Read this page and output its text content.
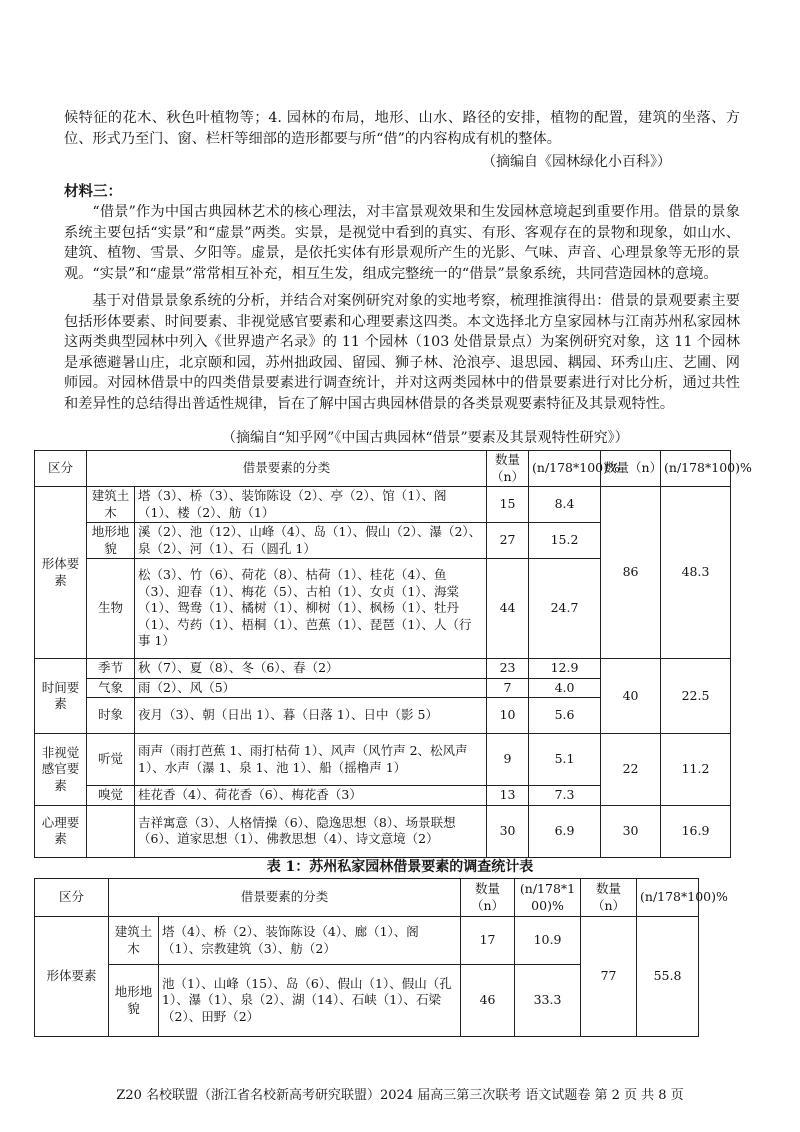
候特征的花木、秋色叶植物等；4. 园林的布局，地形、山水、路径的安排，植物的配置，建筑的坐落、方位、形式乃至门、窗、栏杆等细部的造形都要与所“借”的内容构成有机的整体。

（摘编自《园林绿化小百科》）
材料三：

“借景”作为中国古典园林艺术的核心理法，对丰富景观效果和生发园林意境起到重要作用。借景的景象系统主要包括“实景”和“虚景”两类。实景，是视觉中看到的真实、有形、客观存在的景物和现象，如山水、建筑、植物、雪景、夕阳等。虚景，是依托实体有形景观所产生的光影、气味、声音、心理景象等无形的景观。“实景”和“虚景”常常相互补充，相互生发，组成完整统一的“借景”景象系统，共同营造园林的意境。

基于对借景景象系统的分析，并结合对案例研究对象的实地考察，梳理推演得出：借景的景观要素主要包括形体要素、时间要素、非视觉感官要素和心理要素这四类。本文选择北方皇家园林与江南苏州私家园林这两类典型园林中列入《世界遗产名录》的 11 个园林（103 处借景景点）为案例研究对象，这 11 个园林是承德避暑山庄，北京颐和园，苏州拙政园、留园、狮子林、沧浪亭、退思园、耦园、环秀山庄、艺圃、网师园。对园林借景中的四类借景要素进行调查统计，并对这两类园林中的借景要素进行对比分析，通过共性和差异性的总结得出普适性规律，旨在了解中国古典园林借景的各类景观要素特征及其景观特性。

（摘编自“知乎网”《中国古典园林“借景”要素及其景观特性研究》）
区分	借景要素的分类		数量（n）	(n/178*100)%	数量（n）	(n/178*100)%
形体要素	建筑土木	塔（3）、桥（3）、装饰陈设（2）、亭（2）、馆（1）、阁（1）、楼（2）、舫（1）	15	8.4	86	48.3
	地形地貌	溪（2）、池（12）、山峰（4）、岛（1）、假山（2）、瀑（2）、泉（2）、河（1）、石（圆孔 1）	27	15.2		
	生物	松（3）、竹（6）、荷花（8）、枯荷（1）、桂花（4）、鱼（3）、迎春（1）、梅花（5）、古柏（1）、女贞（1）、海棠（1）、鸳鸯（1）、橘树（1）、柳树（1）、枫杨（1）、牡丹（1）、芍药（1）、梧桐（1）、芭蕉（1）、琵琶（1）、人（行事 1）	44	24.7		
时间要素	季节	秋（7）、夏（8）、冬（6）、春（2）	23	12.9	40	22.5
	气象	雨（2）、风（5）	7	4.0		
	时象	夜月（3）、朝（日出 1）、暮（日落 1）、日中（影 5）	10	5.6		
非视觉感官要素	听觉	雨声（雨打芭蕉 1、雨打枯荷 1）、风声（风竹声 2、松风声 1）、水声（瀑 1、泉 1、池 1）、船（摇橹声 1）	9	5.1	22	11.2
	嗅觉	桂花香（4）、荷花香（6）、梅花香（3）	13	7.3		
心理要素		吉祥寓意（3）、人格情操（6）、隐逸思想（8）、场景联想（6）、道家思想（1）、佛教思想（4）、诗文意境（2）	30	6.9	30	16.9
表 1：苏州私家园林借景要素的调查统计表
区分	借景要素的分类		数量（n）	(n/178*1 00)%	数量（n）	(n/178*100)%
形体要素	建筑土木	塔（4）、桥（2）、装饰陈设（4）、廊（1）、阁（1）、宗教建筑（3）、舫（2）	17	10.9	77	55.8
	地形地貌	池（1）、山峰（15）、岛（6）、假山（1）、假山（孔 1）、瀑（1）、泉（2）、湖（14）、石峡（1）、石梁（2）、田野（2）	46	33.3		
Z20 名校联盟（浙江省名校新高考研究联盟）2024 届高三第三次联考 语文试题卷 第 2 页 共 8 页
